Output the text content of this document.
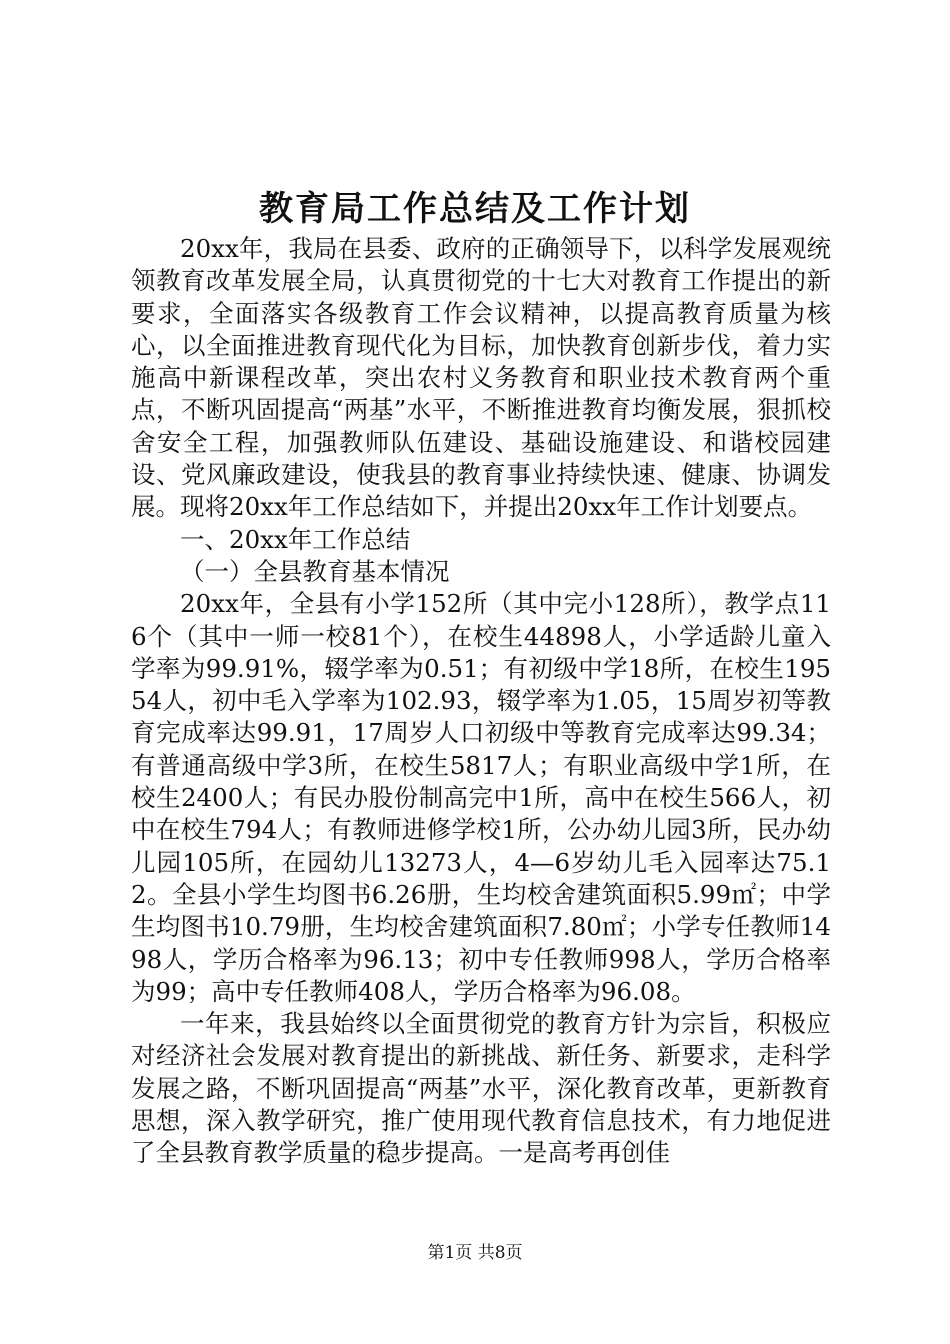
教育局工作总结及工作计划

20xx年，我局在县委、政府的正确领导下，以科学发展观统领教育改革发展全局，认真贯彻党的十七大对教育工作提出的新要求，全面落实各级教育工作会议精神，以提高教育质量为核心，以全面推进教育现代化为目标，加快教育创新步伐，着力实施高中新课程改革，突出农村义务教育和职业技术教育两个重点，不断巩固提高“两基”水平，不断推进教育均衡发展，狠抓校舍安全工程，加强教师队伍建设、基础设施建设、和谐校园建设、党风廉政建设，使我县的教育事业持续快速、健康、协调发展。现将20xx年工作总结如下，并提出20xx年工作计划要点。

一、20xx年工作总结

（一）全县教育基本情况

20xx年，全县有小学152所（其中完小128所），教学点116个（其中一师一校81个），在校生44898人，小学适龄儿童入学率为99.91%，辍学率为0.51；有初级中学18所，在校生19554人，初中毛入学率为102.93，辍学率为1.05，15周岁初等教育完成率达99.91，17周岁人口初级中等教育完成率达99.34；有普通高级中学3所，在校生5817人；有职业高级中学1所，在校生2400人；有民办股份制高完中1所，高中在校生566人，初中在校生794人；有教师进修学校1所，公办幼儿园3所，民办幼儿园105所，在园幼儿13273人，4—6岁幼儿毛入园率达75.12。全县小学生均图书6.26册，生均校舍建筑面积5.99㎡；中学生均图书10.79册，生均校舍建筑面积7.80㎡；小学专任教师1498人，学历合格率为96.13；初中专任教师998人，学历合格率为99；高中专任教师408人，学历合格率为96.08。

一年来，我县始终以全面贯彻党的教育方针为宗旨，积极应对经济社会发展对教育提出的新挑战、新任务、新要求，走科学发展之路，不断巩固提高“两基”水平，深化教育改革，更新教育思想，深入教学研究，推广使用现代教育信息技术，有力地促进了全县教育教学质量的稳步提高。一是高考再创佳

第1页 共8页
